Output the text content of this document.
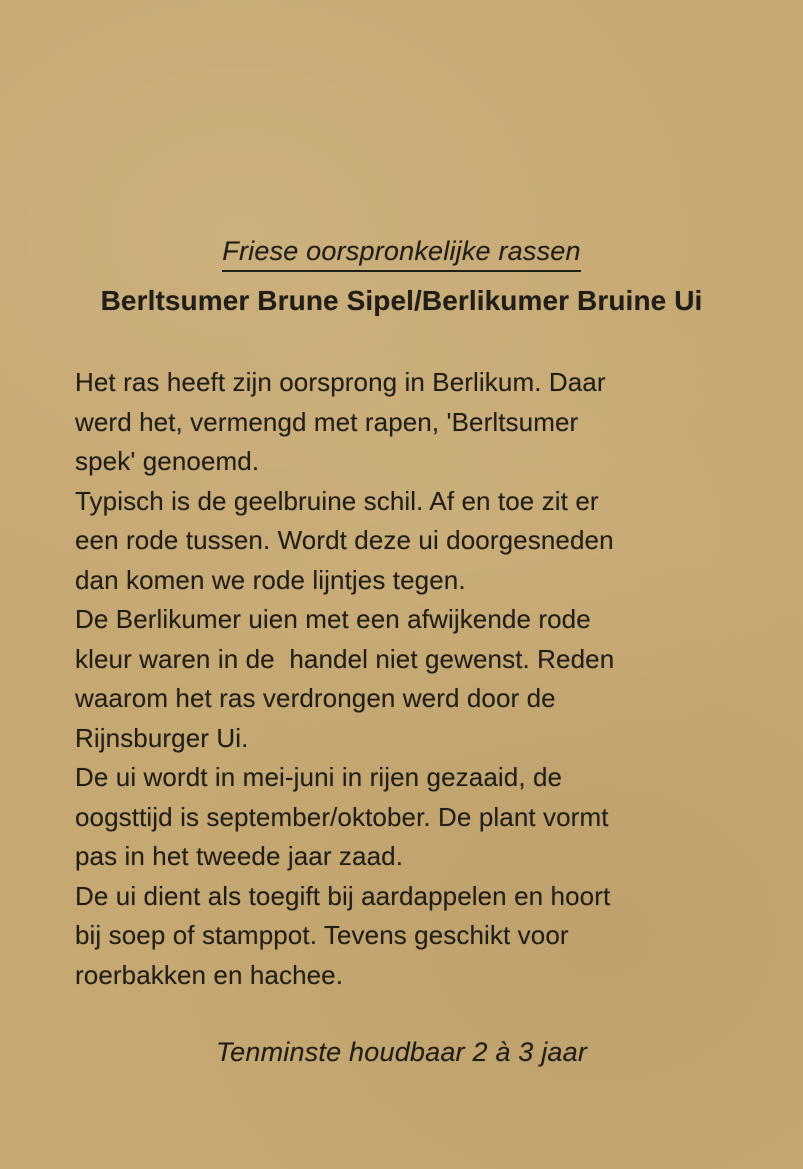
Friese oorspronkelijke rassen
Berltsumer Brune Sipel/Berlikumer Bruine Ui
Het ras heeft zijn oorsprong in Berlikum. Daar
werd het, vermengd met rapen, 'Berltsumer
spek' genoemd.
Typisch is de geelbruine schil. Af en toe zit er
een rode tussen. Wordt deze ui doorgesneden
dan komen we rode lijntjes tegen.
De Berlikumer uien met een afwijkende rode
kleur waren in de  handel niet gewenst. Reden
waarom het ras verdrongen werd door de
Rijnsburger Ui.
De ui wordt in mei-juni in rijen gezaaid, de
oogsttijd is september/oktober. De plant vormt
pas in het tweede jaar zaad.
De ui dient als toegift bij aardappelen en hoort
bij soep of stamppot. Tevens geschikt voor
roerbakken en hachee.
Tenminste houdbaar 2 à 3 jaar
